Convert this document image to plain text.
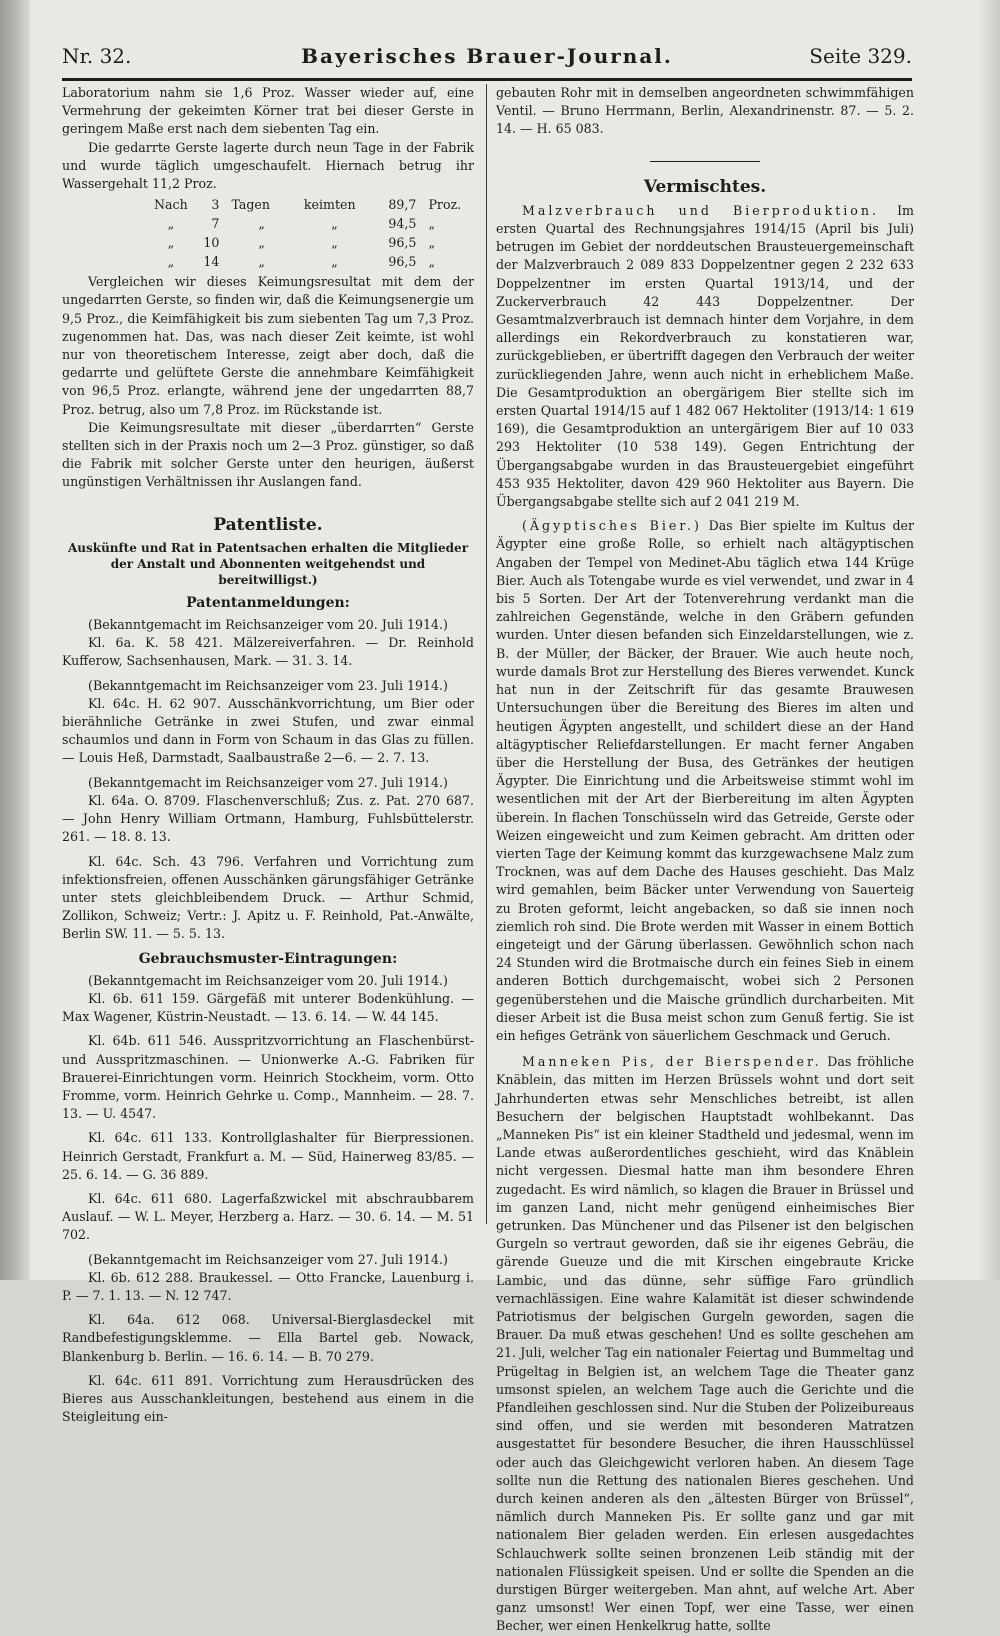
Nr. 32.	Bayerisches Brauer-Journal.	Seite 329.

Laboratorium nahm sie 1,6 Proz. Wasser wieder auf, eine Vermehrung der gekeimten Körner trat bei dieser Gerste in geringem Maße erst nach dem siebenten Tag ein.

Die gedarrte Gerste lagerte durch neun Tage in der Fabrik und wurde täglich umgeschaufelt. Hiernach betrug ihr Wassergehalt 11,2 Proz.

Nach	3	Tagen	keimten	89,7	Proz.
„	7	„	„	94,5	„
„	10	„	„	96,5	„
„	14	„	„	96,5	„

Vergleichen wir dieses Keimungsresultat mit dem der ungedarrten Gerste, so finden wir, daß die Keimungsenergie um 9,5 Proz., die Keimfähigkeit bis zum siebenten Tag um 7,3 Proz. zugenommen hat. Das, was nach dieser Zeit keimte, ist wohl nur von theoretischem Interesse, zeigt aber doch, daß die gedarrte und gelüftete Gerste die annehmbare Keimfähigkeit von 96,5 Proz. erlangte, während jene der ungedarrten 88,7 Proz. betrug, also um 7,8 Proz. im Rückstande ist.

Die Keimungsresultate mit dieser „überdarrten“ Gerste stellten sich in der Praxis noch um 2—3 Proz. günstiger, so daß die Fabrik mit solcher Gerste unter den heurigen, äußerst ungünstigen Verhältnissen ihr Auslangen fand.

Patentliste.

Auskünfte und Rat in Patentsachen erhalten die Mitglieder der Anstalt und Abonnenten weitgehendst und bereitwilligst.)

Patentanmeldungen:

(Bekanntgemacht im Reichsanzeiger vom 20. Juli 1914.)

Kl. 6a. K. 58 421. Mälzereiverfahren. — Dr. Reinhold Kufferow, Sachsenhausen, Mark. — 31. 3. 14.

(Bekanntgemacht im Reichsanzeiger vom 23. Juli 1914.)

Kl. 64c. H. 62 907. Ausschänkvorrichtung, um Bier oder bierähnliche Getränke in zwei Stufen, und zwar einmal schaumlos und dann in Form von Schaum in das Glas zu füllen. — Louis Heß, Darmstadt, Saalbaustraße 2—6. — 2. 7. 13.

(Bekanntgemacht im Reichsanzeiger vom 27. Juli 1914.)

Kl. 64a. O. 8709. Flaschenverschluß; Zus. z. Pat. 270 687. — John Henry William Ortmann, Hamburg, Fuhlsbüttelerstr. 261. — 18. 8. 13.

Kl. 64c. Sch. 43 796. Verfahren und Vorrichtung zum infektionsfreien, offenen Ausschänken gärungsfähiger Getränke unter stets gleichbleibendem Druck. — Arthur Schmid, Zollikon, Schweiz; Vertr.: J. Apitz u. F. Reinhold, Pat.-Anwälte, Berlin SW. 11. — 5. 5. 13.

Gebrauchsmuster-Eintragungen:

(Bekanntgemacht im Reichsanzeiger vom 20. Juli 1914.)

Kl. 6b. 611 159. Gärgefäß mit unterer Bodenkühlung. — Max Wagener, Küstrin-Neustadt. — 13. 6. 14. — W. 44 145.

Kl. 64b. 611 546. Ausspritzvorrichtung an Flaschenbürst- und Ausspritzmaschinen. — Unionwerke A.-G. Fabriken für Brauerei-Einrichtungen vorm. Heinrich Stockheim, vorm. Otto Fromme, vorm. Heinrich Gehrke u. Comp., Mannheim. — 28. 7. 13. — U. 4547.

Kl. 64c. 611 133. Kontrollglashalter für Bierpressionen. Heinrich Gerstadt, Frankfurt a. M. — Süd, Hainerweg 83/85. — 25. 6. 14. — G. 36 889.

Kl. 64c. 611 680. Lagerfaßzwickel mit abschraubbarem Auslauf. — W. L. Meyer, Herzberg a. Harz. — 30. 6. 14. — M. 51 702.

(Bekanntgemacht im Reichsanzeiger vom 27. Juli 1914.)

Kl. 6b. 612 288. Braukessel. — Otto Francke, Lauenburg i. P. — 7. 1. 13. — N. 12 747.

Kl. 64a. 612 068. Universal-Bierglasdeckel mit Randbefestigungsklemme. — Ella Bartel geb. Nowack, Blankenburg b. Berlin. — 16. 6. 14. — B. 70 279.

Kl. 64c. 611 891. Vorrichtung zum Herausdrücken des Bieres aus Ausschankleitungen, bestehend aus einem in die Steigleitung ein-

gebauten Rohr mit in demselben angeordneten schwimmfähigen Ventil. — Bruno Herrmann, Berlin, Alexandrinenstr. 87. — 5. 2. 14. — H. 65 083.

Vermischtes.

Malzverbrauch und Bierproduktion. Im ersten Quartal des Rechnungsjahres 1914/15 (April bis Juli) betrugen im Gebiet der norddeutschen Brausteuergemeinschaft der Malzverbrauch 2 089 833 Doppelzentner gegen 2 232 633 Doppelzentner im ersten Quartal 1913/14, und der Zuckerverbrauch 42 443 Doppelzentner. Der Gesamtmalzverbrauch ist demnach hinter dem Vorjahre, in dem allerdings ein Rekordverbrauch zu konstatieren war, zurückgeblieben, er übertrifft dagegen den Verbrauch der weiter zurückliegenden Jahre, wenn auch nicht in erheblichem Maße. Die Gesamtproduktion an obergärigem Bier stellte sich im ersten Quartal 1914/15 auf 1 482 067 Hektoliter (1913/14: 1 619 169), die Gesamtproduktion an untergärigem Bier auf 10 033 293 Hektoliter (10 538 149). Gegen Entrichtung der Übergangsabgabe wurden in das Brausteuergebiet eingeführt 453 935 Hektoliter, davon 429 960 Hektoliter aus Bayern. Die Übergangsabgabe stellte sich auf 2 041 219 M.

(Ägyptisches Bier.) Das Bier spielte im Kultus der Ägypter eine große Rolle, so erhielt nach altägyptischen Angaben der Tempel von Medinet-Abu täglich etwa 144 Krüge Bier. Auch als Totengabe wurde es viel verwendet, und zwar in 4 bis 5 Sorten. Der Art der Totenverehrung verdankt man die zahlreichen Gegenstände, welche in den Gräbern gefunden wurden. Unter diesen befanden sich Einzeldarstellungen, wie z. B. der Müller, der Bäcker, der Brauer. Wie auch heute noch, wurde damals Brot zur Herstellung des Bieres verwendet. Kunck hat nun in der Zeitschrift für das gesamte Brauwesen Untersuchungen über die Bereitung des Bieres im alten und heutigen Ägypten angestellt, und schildert diese an der Hand altägyptischer Reliefdarstellungen. Er macht ferner Angaben über die Herstellung der Busa, des Getränkes der heutigen Ägypter. Die Einrichtung und die Arbeitsweise stimmt wohl im wesentlichen mit der Art der Bierbereitung im alten Ägypten überein. In flachen Tonschüsseln wird das Getreide, Gerste oder Weizen eingeweicht und zum Keimen gebracht. Am dritten oder vierten Tage der Keimung kommt das kurzgewachsene Malz zum Trocknen, was auf dem Dache des Hauses geschieht. Das Malz wird gemahlen, beim Bäcker unter Verwendung von Sauerteig zu Broten geformt, leicht angebacken, so daß sie innen noch ziemlich roh sind. Die Brote werden mit Wasser in einem Bottich eingeteigt und der Gärung überlassen. Gewöhnlich schon nach 24 Stunden wird die Brotmaische durch ein feines Sieb in einem anderen Bottich durchgemaischt, wobei sich 2 Personen gegenüberstehen und die Maische gründlich durcharbeiten. Mit dieser Arbeit ist die Busa meist schon zum Genuß fertig. Sie ist ein hefiges Getränk von säuerlichem Geschmack und Geruch.

Manneken Pis, der Bierspender. Das fröhliche Knäblein, das mitten im Herzen Brüssels wohnt und dort seit Jahrhunderten etwas sehr Menschliches betreibt, ist allen Besuchern der belgischen Hauptstadt wohlbekannt. Das „Manneken Pis“ ist ein kleiner Stadtheld und jedesmal, wenn im Lande etwas außerordentliches geschieht, wird das Knäblein nicht vergessen. Diesmal hatte man ihm besondere Ehren zugedacht. Es wird nämlich, so klagen die Brauer in Brüssel und im ganzen Land, nicht mehr genügend einheimisches Bier getrunken. Das Münchener und das Pilsener ist den belgischen Gurgeln so vertraut geworden, daß sie ihr eigenes Gebräu, die gärende Gueuze und die mit Kirschen eingebraute Kricke Lambic, und das dünne, sehr süffige Faro gründlich vernachlässigen. Eine wahre Kalamität ist dieser schwindende Patriotismus der belgischen Gurgeln geworden, sagen die Brauer. Da muß etwas geschehen! Und es sollte geschehen am 21. Juli, welcher Tag ein nationaler Feiertag und Bummeltag und Prügeltag in Belgien ist, an welchem Tage die Theater ganz umsonst spielen, an welchem Tage auch die Gerichte und die Pfandleihen geschlossen sind. Nur die Stuben der Polizeibureaus sind offen, und sie werden mit besonderen Matratzen ausgestattet für besondere Besucher, die ihren Hausschlüssel oder auch das Gleichgewicht verloren haben. An diesem Tage sollte nun die Rettung des nationalen Bieres geschehen. Und durch keinen anderen als den „ältesten Bürger von Brüssel“, nämlich durch Manneken Pis. Er sollte ganz und gar mit nationalem Bier geladen werden. Ein erlesen ausgedachtes Schlauchwerk sollte seinen bronzenen Leib ständig mit der nationalen Flüssigkeit speisen. Und er sollte die Spenden an die durstigen Bürger weitergeben. Man ahnt, auf welche Art. Aber ganz umsonst! Wer einen Topf, wer eine Tasse, wer einen Becher, wer einen Henkelkrug hatte, sollte
